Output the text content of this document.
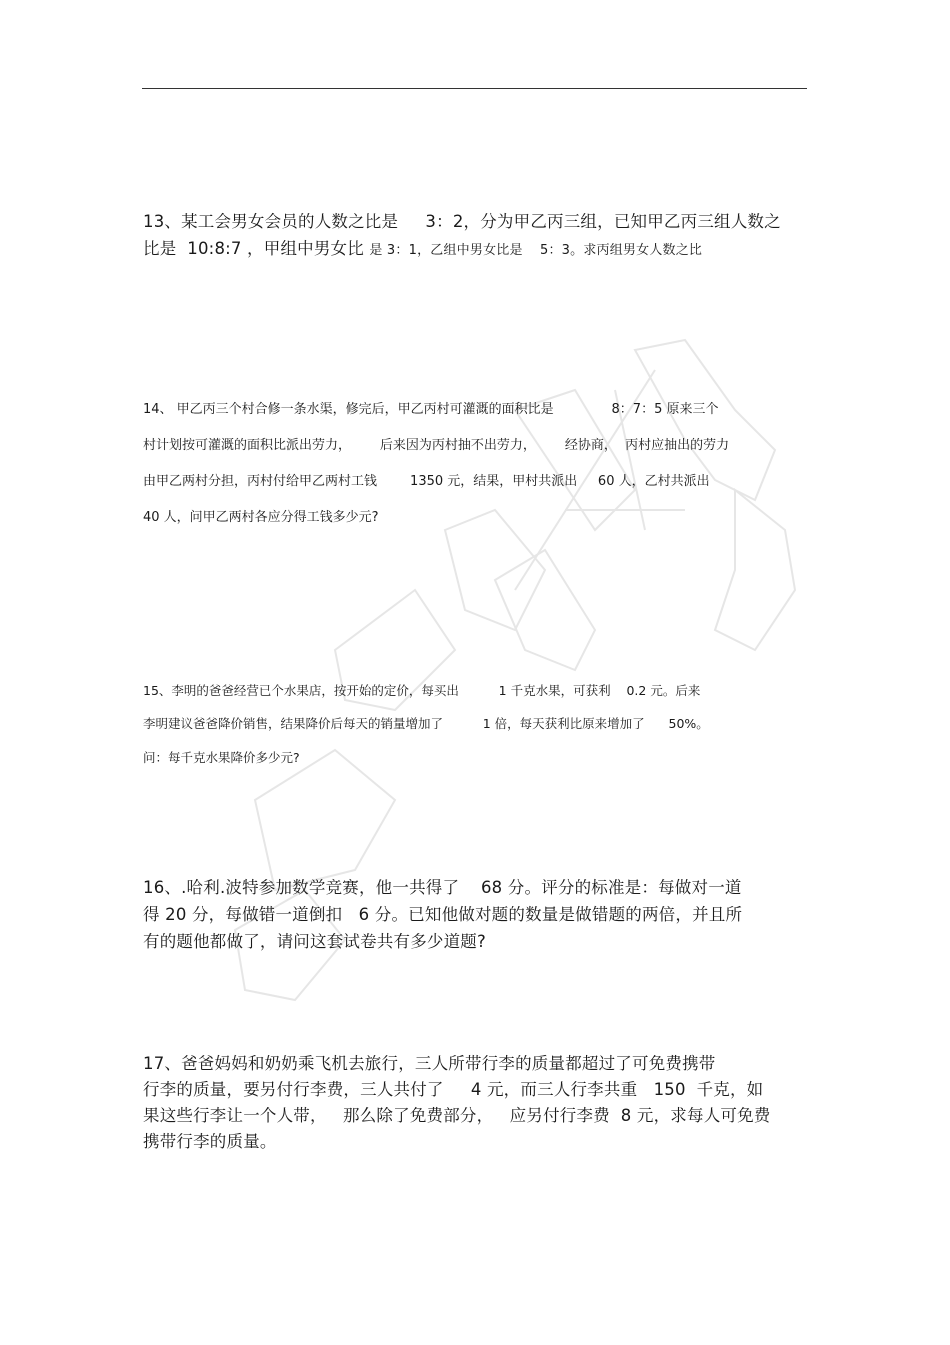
13、某工会男女会员的人数之比是     3：2，分为甲乙丙三组，已知甲乙丙三组人数之
比是  10:8:7 ，甲组中男女比 是 3：1，乙组中男女比是    5：3。求丙组男女人数之比
14、 甲乙丙三个村合修一条水渠，修完后，甲乙丙村可灌溉的面积比是              8：7：5 原来三个
村计划按可灌溉的面积比派出劳力，       后来因为丙村抽不出劳力，       经协商，  丙村应抽出的劳力
由甲乙两村分担，丙村付给甲乙两村工钱        1350 元，结果，甲村共派出     60 人，乙村共派出
40 人，问甲乙两村各应分得工钱多少元?
15、李明的爸爸经营已个水果店，按开始的定价，每买出          1 千克水果，可获利    0.2 元。后来
李明建议爸爸降价销售，结果降价后每天的销量增加了          1 倍，每天获利比原来增加了      50%。
问：每千克水果降价多少元?
16、.哈利.波特参加数学竞赛，他一共得了    68 分。评分的标准是：每做对一道
得 20 分，每做错一道倒扣   6 分。已知他做对题的数量是做错题的两倍，并且所
有的题他都做了，请问这套试卷共有多少道题?
17、爸爸妈妈和奶奶乘飞机去旅行，三人所带行李的质量都超过了可免费携带
行李的质量，要另付行李费，三人共付了     4 元，而三人行李共重   150  千克，如
果这些行李让一个人带，   那么除了免费部分，   应另付行李费  8 元，求每人可免费
携带行李的质量。
